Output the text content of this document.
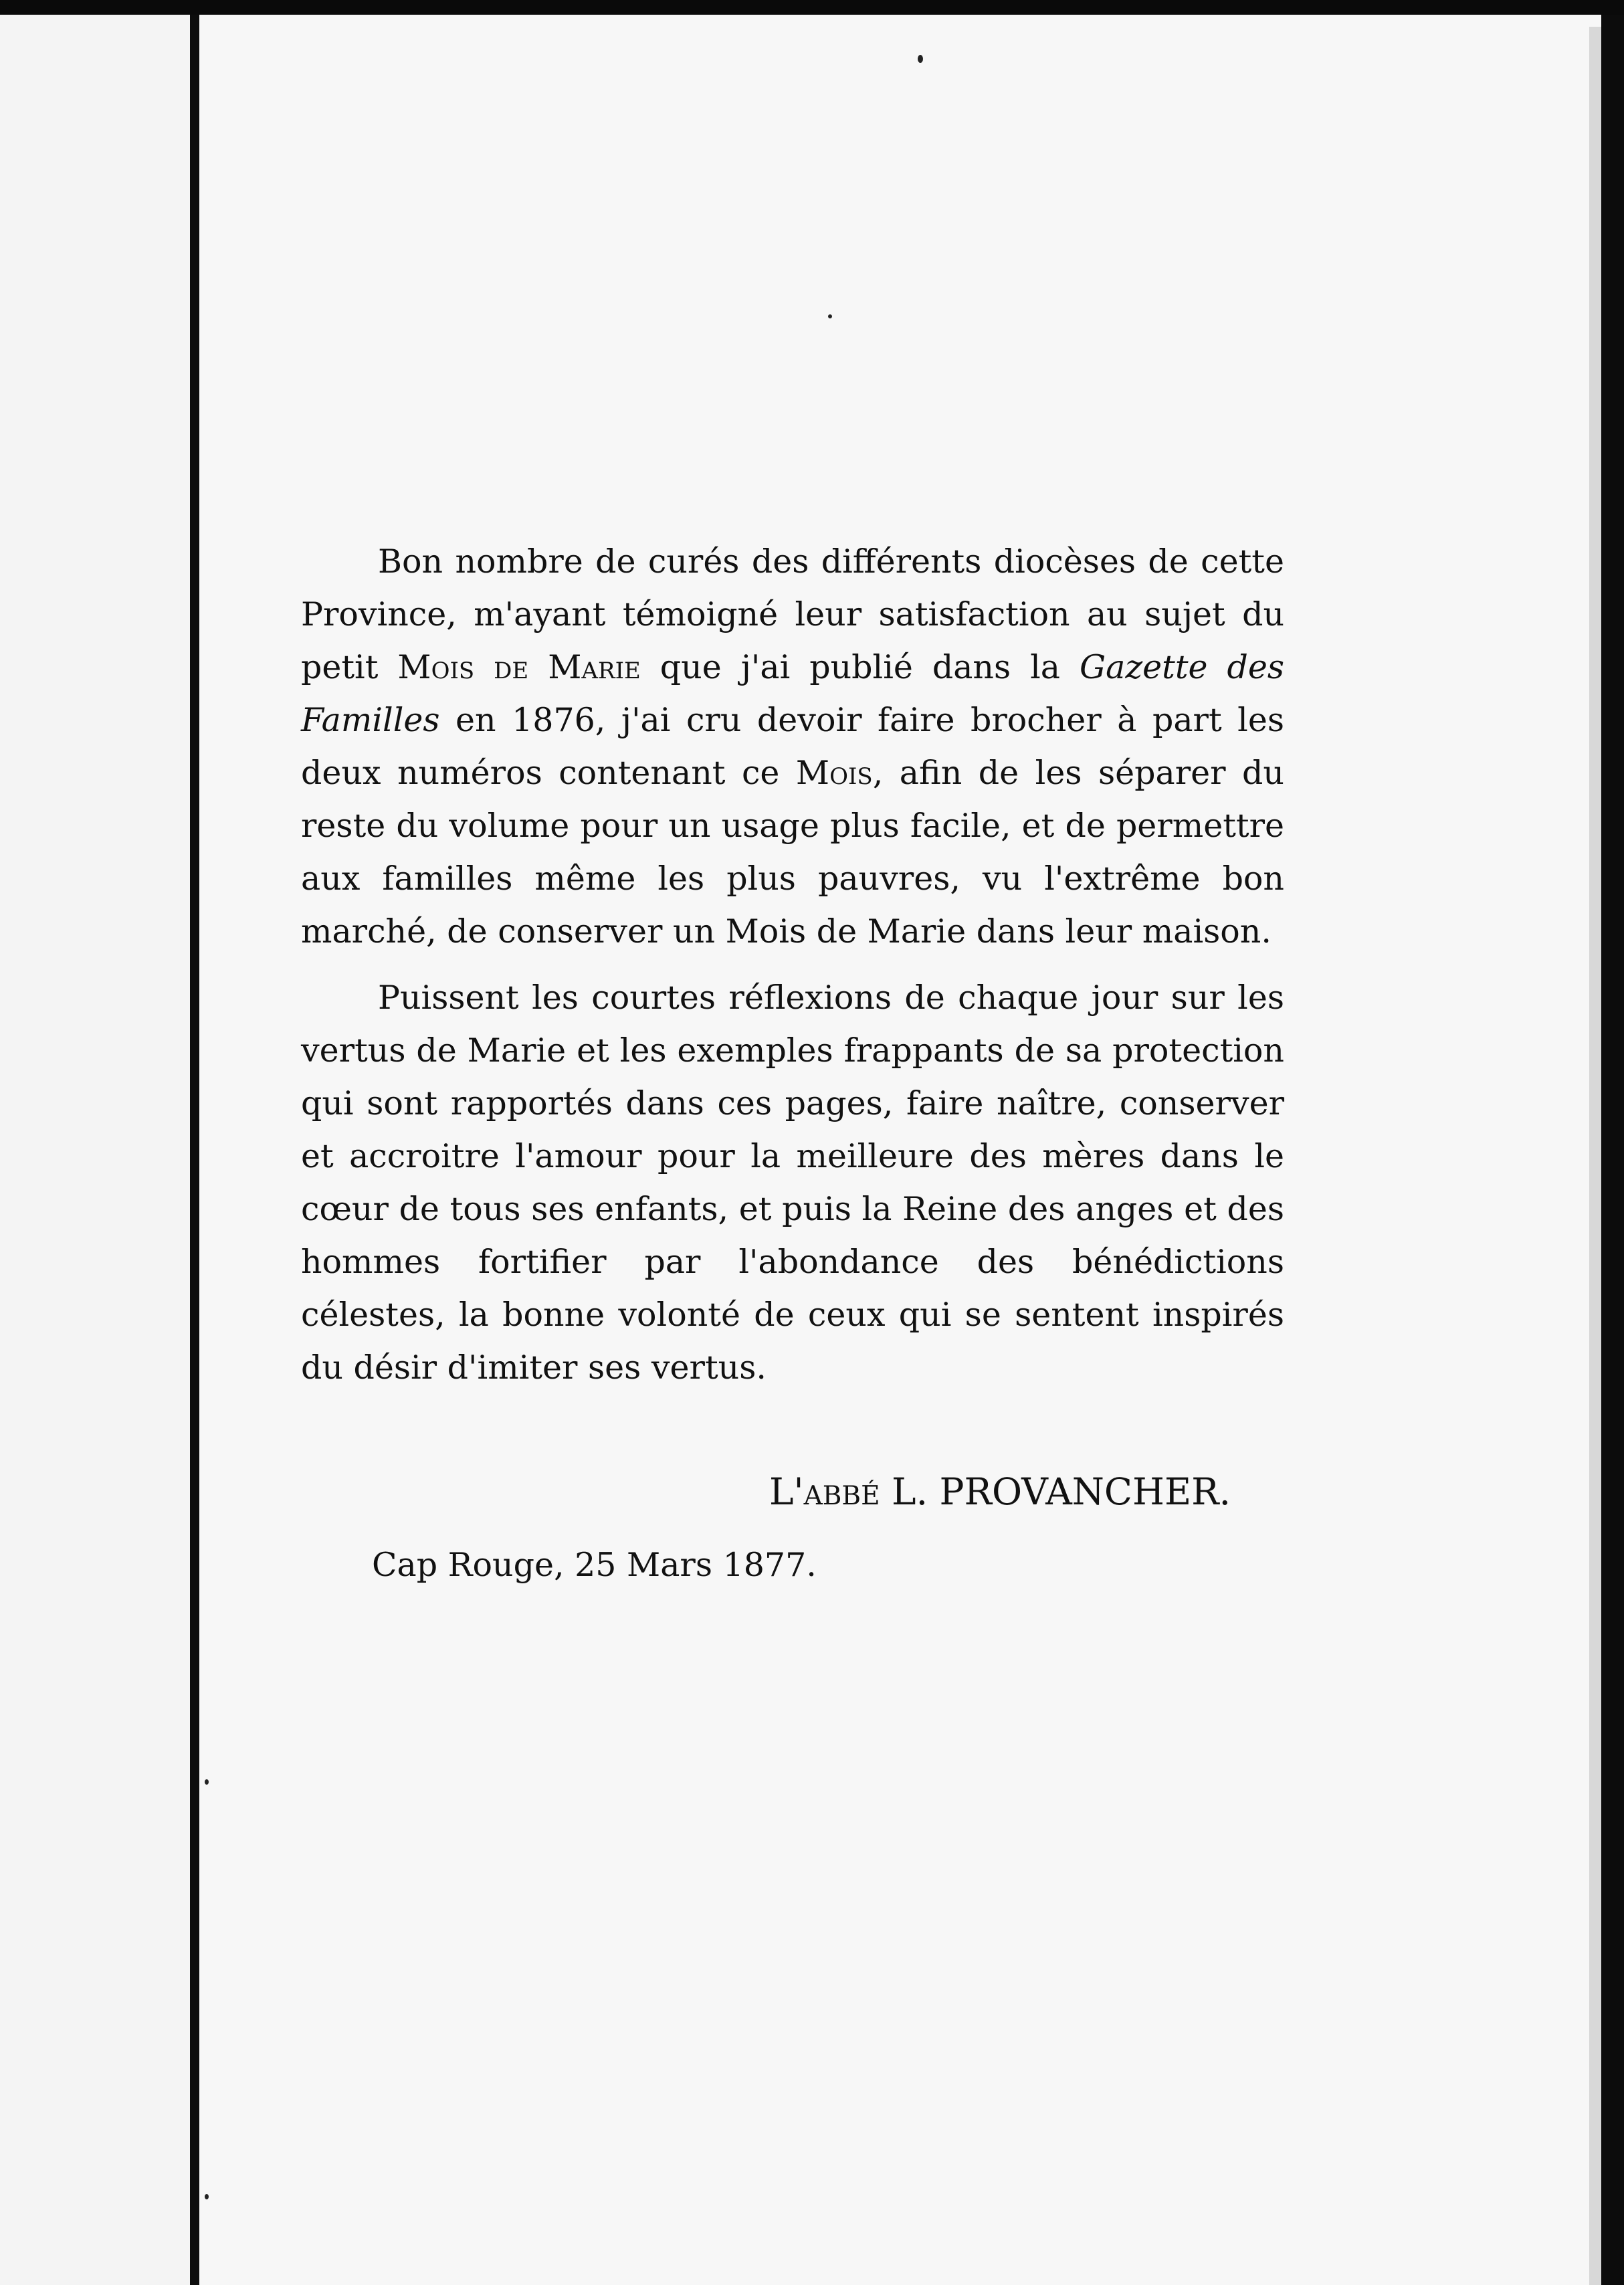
Bon nombre de curés des différents diocèses de cette Province, m'ayant témoigné leur satisfaction au sujet du petit Mois de Marie que j'ai publié dans la Gazette des Familles en 1876, j'ai cru devoir faire brocher à part les deux numéros contenant ce Mois, afin de les séparer du reste du volume pour un usage plus facile, et de permettre aux familles même les plus pauvres, vu l'extrême bon marché, de conserver un Mois de Marie dans leur maison.

Puissent les courtes réflexions de chaque jour sur les vertus de Marie et les exemples frappants de sa protection qui sont rapportés dans ces pages, faire naître, conserver et accroitre l'amour pour la meilleure des mères dans le cœur de tous ses enfants, et puis la Reine des anges et des hommes fortifier par l'abondance des bénédictions célestes, la bonne volonté de ceux qui se sentent inspirés du désir d'imiter ses vertus.

L'abbé L. PROVANCHER.
Cap Rouge, 25 Mars 1877.
